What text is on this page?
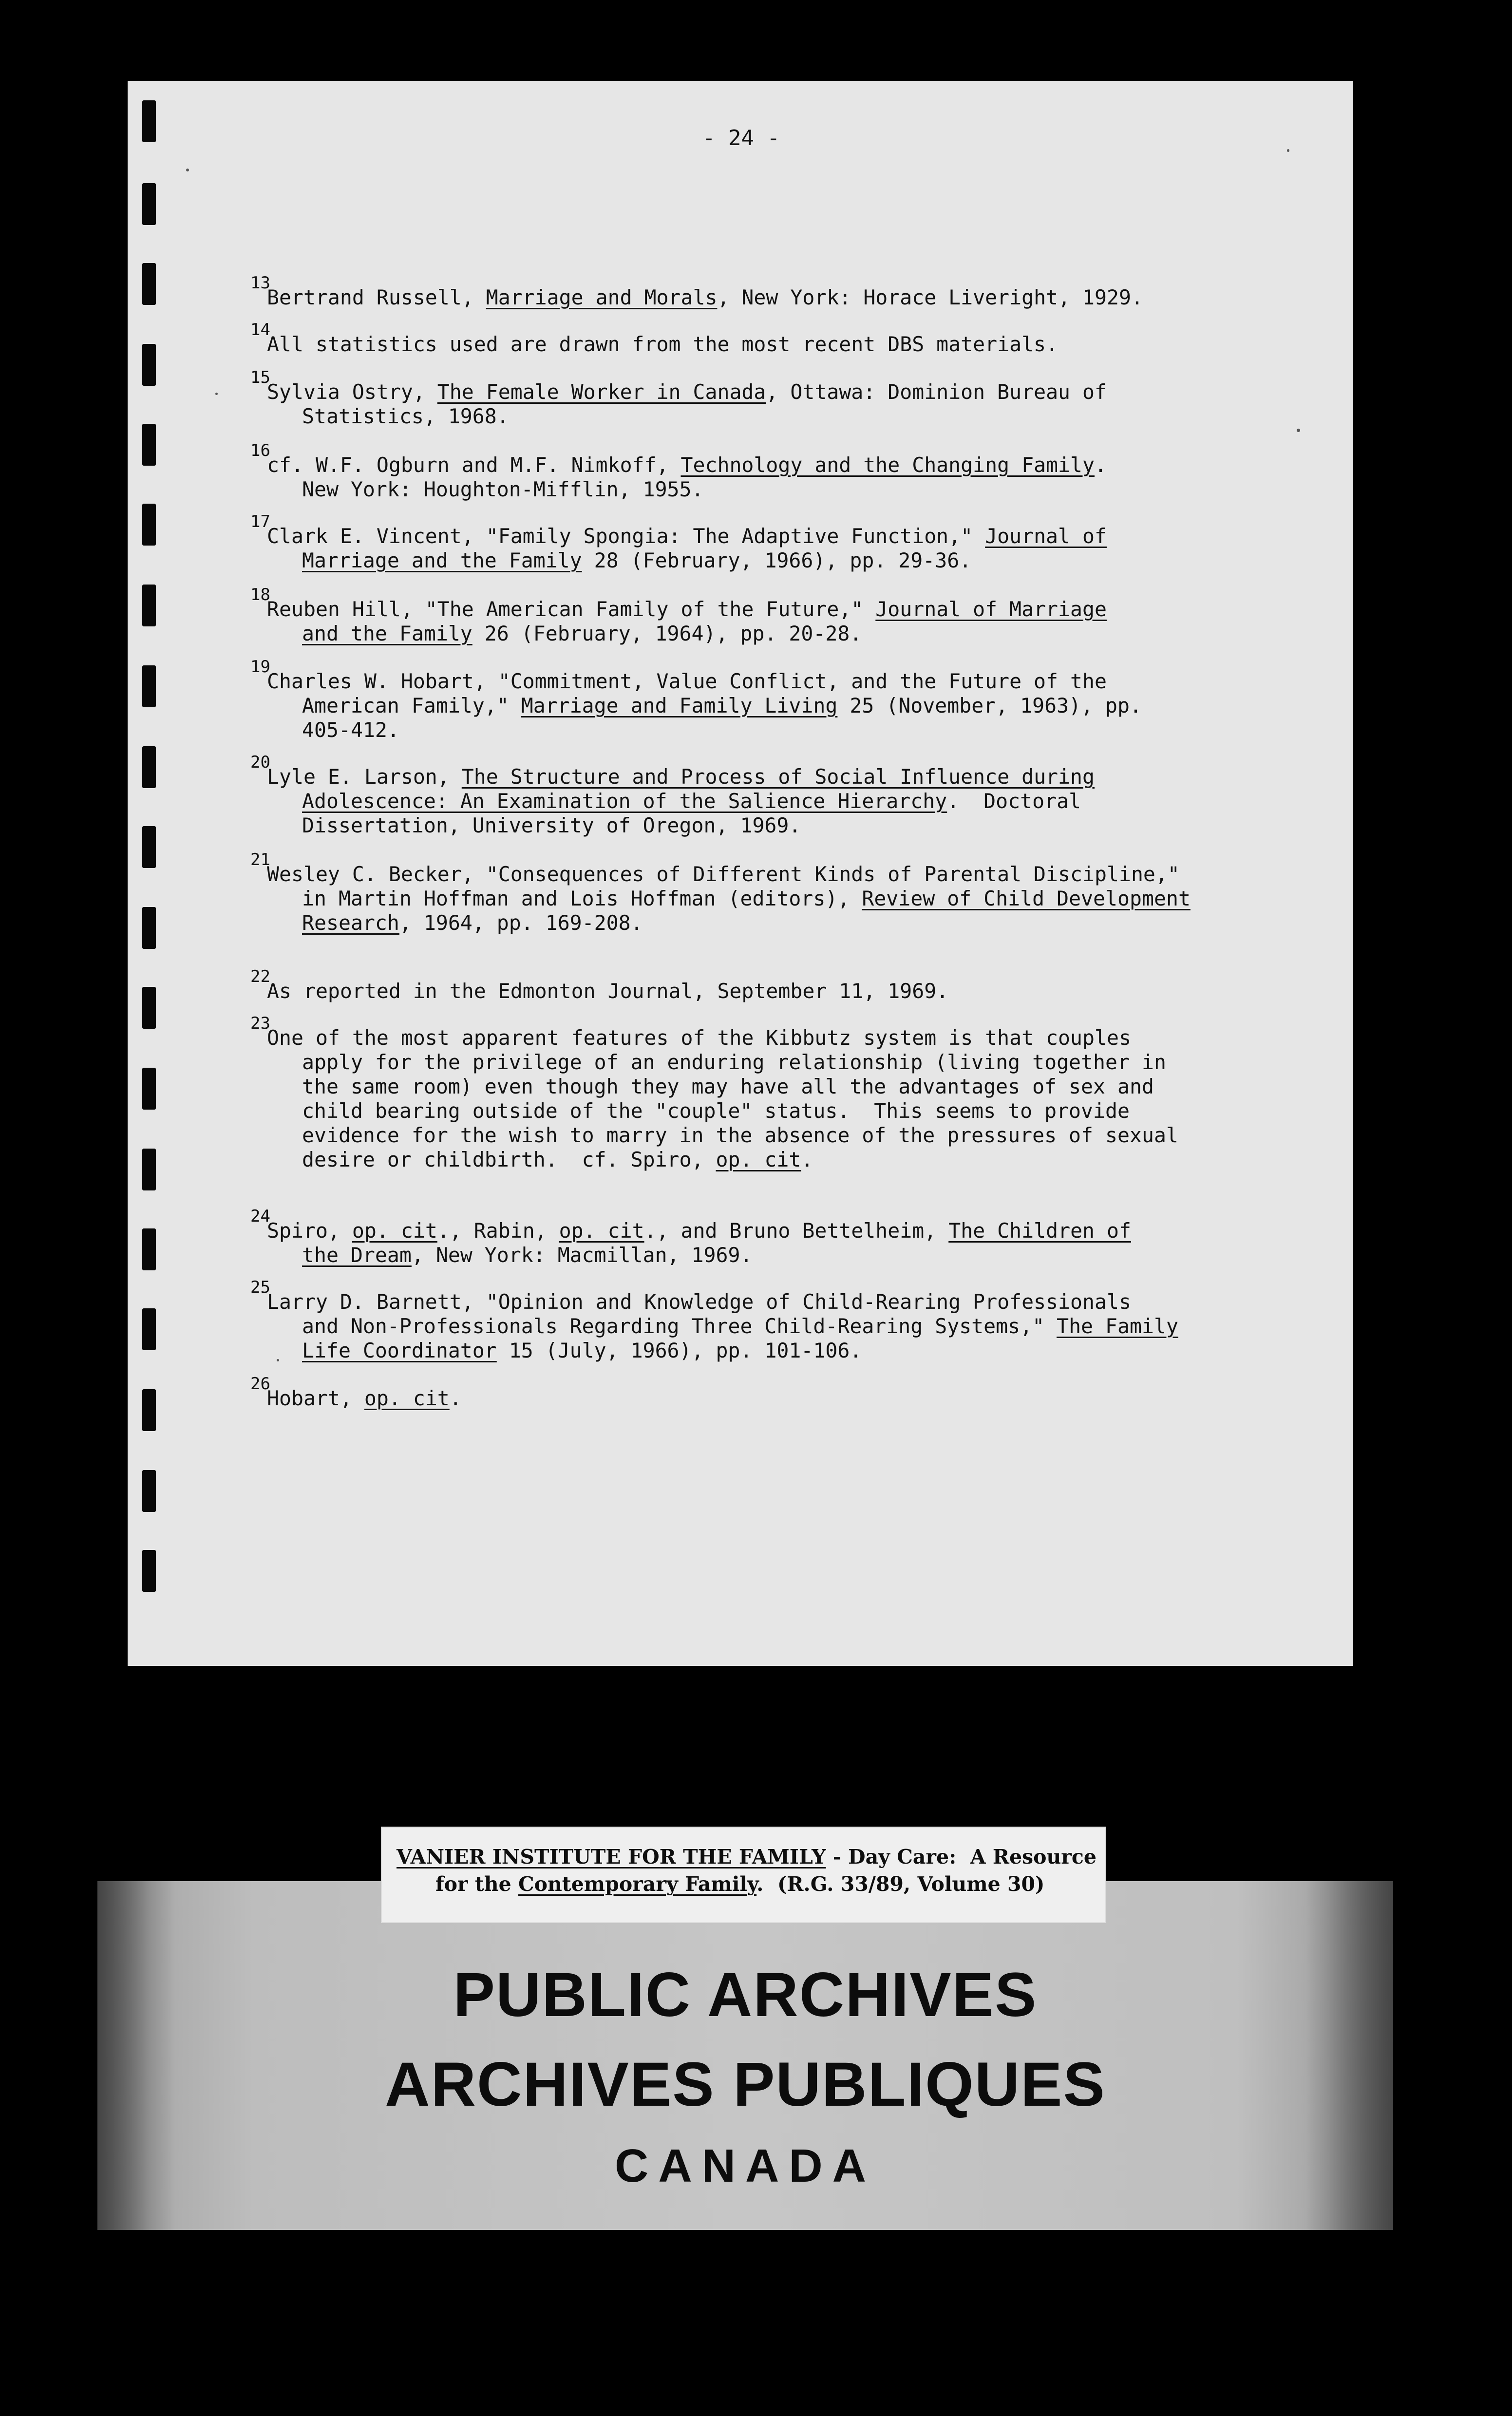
- 24 -
13
Bertrand Russell, Marriage and Morals, New York: Horace Liveright, 1929.
14
All statistics used are drawn from the most recent DBS materials.
15
Sylvia Ostry, The Female Worker in Canada, Ottawa: Dominion Bureau of
Statistics, 1968.
16
cf. W.F. Ogburn and M.F. Nimkoff, Technology and the Changing Family.
New York: Houghton-Mifflin, 1955.
17
Clark E. Vincent, "Family Spongia: The Adaptive Function," Journal of
Marriage and the Family 28 (February, 1966), pp. 29-36.
18
Reuben Hill, "The American Family of the Future," Journal of Marriage
and the Family 26 (February, 1964), pp. 20-28.
19
Charles W. Hobart, "Commitment, Value Conflict, and the Future of the
American Family," Marriage and Family Living 25 (November, 1963), pp.
405-412.
20
Lyle E. Larson, The Structure and Process of Social Influence during
Adolescence: An Examination of the Salience Hierarchy.  Doctoral
Dissertation, University of Oregon, 1969.
21
Wesley C. Becker, "Consequences of Different Kinds of Parental Discipline,"
in Martin Hoffman and Lois Hoffman (editors), Review of Child Development
Research, 1964, pp. 169-208.
22
As reported in the Edmonton Journal, September 11, 1969.
23
One of the most apparent features of the Kibbutz system is that couples
apply for the privilege of an enduring relationship (living together in
the same room) even though they may have all the advantages of sex and
child bearing outside of the "couple" status.  This seems to provide
evidence for the wish to marry in the absence of the pressures of sexual
desire or childbirth.  cf. Spiro, op. cit.
24
Spiro, op. cit., Rabin, op. cit., and Bruno Bettelheim, The Children of
the Dream, New York: Macmillan, 1969.
25
Larry D. Barnett, "Opinion and Knowledge of Child-Rearing Professionals
and Non-Professionals Regarding Three Child-Rearing Systems," The Family
Life Coordinator 15 (July, 1966), pp. 101-106.
26
Hobart, op. cit.
PUBLIC ARCHIVES
ARCHIVES PUBLIQUES
CANADA
VANIER INSTITUTE FOR THE FAMILY - Day Care:  A Resource
for the Contemporary Family.  (R.G. 33/89, Volume 30)
